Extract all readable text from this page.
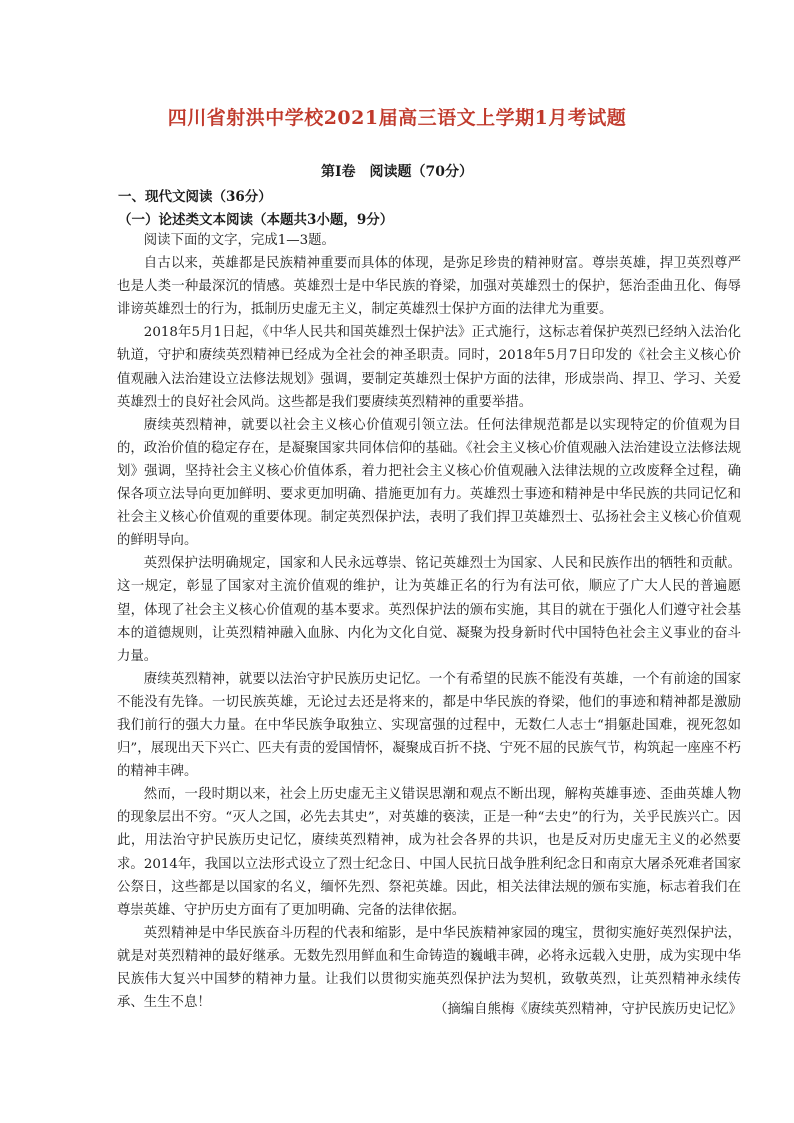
四川省射洪中学校2021届高三语文上学期1月考试题
第Ⅰ卷　阅读题（70分）
一、现代文阅读（36分）
（一）论述类文本阅读（本题共3小题，9分）

阅读下面的文字，完成1—3题。

自古以来，英雄都是民族精神重要而具体的体现，是弥足珍贵的精神财富。尊崇英雄，捍卫英烈尊严也是人类一种最深沉的情感。英雄烈士是中华民族的脊梁，加强对英雄烈士的保护，惩治歪曲丑化、侮辱诽谤英雄烈士的行为，抵制历史虚无主义，制定英雄烈士保护方面的法律尤为重要。

2018年5月1日起，《中华人民共和国英雄烈士保护法》正式施行，这标志着保护英烈已经纳入法治化轨道，守护和赓续英烈精神已经成为全社会的神圣职责。同时，2018年5月7日印发的《社会主义核心价值观融入法治建设立法修法规划》强调，要制定英雄烈士保护方面的法律，形成崇尚、捍卫、学习、关爱英雄烈士的良好社会风尚。这些都是我们要赓续英烈精神的重要举措。

赓续英烈精神，就要以社会主义核心价值观引领立法。任何法律规范都是以实现特定的价值观为目的，政治价值的稳定存在，是凝聚国家共同体信仰的基础。《社会主义核心价值观融入法治建设立法修法规划》强调，坚持社会主义核心价值体系，着力把社会主义核心价值观融入法律法规的立改废释全过程，确保各项立法导向更加鲜明、要求更加明确、措施更加有力。英雄烈士事迹和精神是中华民族的共同记忆和社会主义核心价值观的重要体现。制定英烈保护法，表明了我们捍卫英雄烈士、弘扬社会主义核心价值观的鲜明导向。

英烈保护法明确规定，国家和人民永远尊崇、铭记英雄烈士为国家、人民和民族作出的牺牲和贡献。这一规定，彰显了国家对主流价值观的维护，让为英雄正名的行为有法可依，顺应了广大人民的普遍愿望，体现了社会主义核心价值观的基本要求。英烈保护法的颁布实施，其目的就在于强化人们遵守社会基本的道德规则，让英烈精神融入血脉、内化为文化自觉、凝聚为投身新时代中国特色社会主义事业的奋斗力量。

赓续英烈精神，就要以法治守护民族历史记忆。一个有希望的民族不能没有英雄，一个有前途的国家不能没有先锋。一切民族英雄，无论过去还是将来的，都是中华民族的脊梁，他们的事迹和精神都是激励我们前行的强大力量。在中华民族争取独立、实现富强的过程中，无数仁人志士“捐躯赴国难，视死忽如归”，展现出天下兴亡、匹夫有责的爱国情怀，凝聚成百折不挠、宁死不屈的民族气节，构筑起一座座不朽的精神丰碑。

然而，一段时期以来，社会上历史虚无主义错误思潮和观点不断出现，解构英雄事迹、歪曲英雄人物的现象层出不穷。“灭人之国，必先去其史”，对英雄的亵渎，正是一种“去史”的行为，关乎民族兴亡。因此，用法治守护民族历史记忆，赓续英烈精神，成为社会各界的共识，也是反对历史虚无主义的必然要求。2014年，我国以立法形式设立了烈士纪念日、中国人民抗日战争胜利纪念日和南京大屠杀死难者国家公祭日，这些都是以国家的名义，缅怀先烈、祭祀英雄。因此，相关法律法规的颁布实施，标志着我们在尊崇英雄、守护历史方面有了更加明确、完备的法律依据。

英烈精神是中华民族奋斗历程的代表和缩影，是中华民族精神家园的瑰宝，贯彻实施好英烈保护法，就是对英烈精神的最好继承。无数先烈用鲜血和生命铸造的巍峨丰碑，必将永远载入史册，成为实现中华民族伟大复兴中国梦的精神力量。让我们以贯彻实施英烈保护法为契机，致敬英烈，让英烈精神永续传承、生生不息！	（摘编自熊梅《赓续英烈精神，守护民族历史记忆》
